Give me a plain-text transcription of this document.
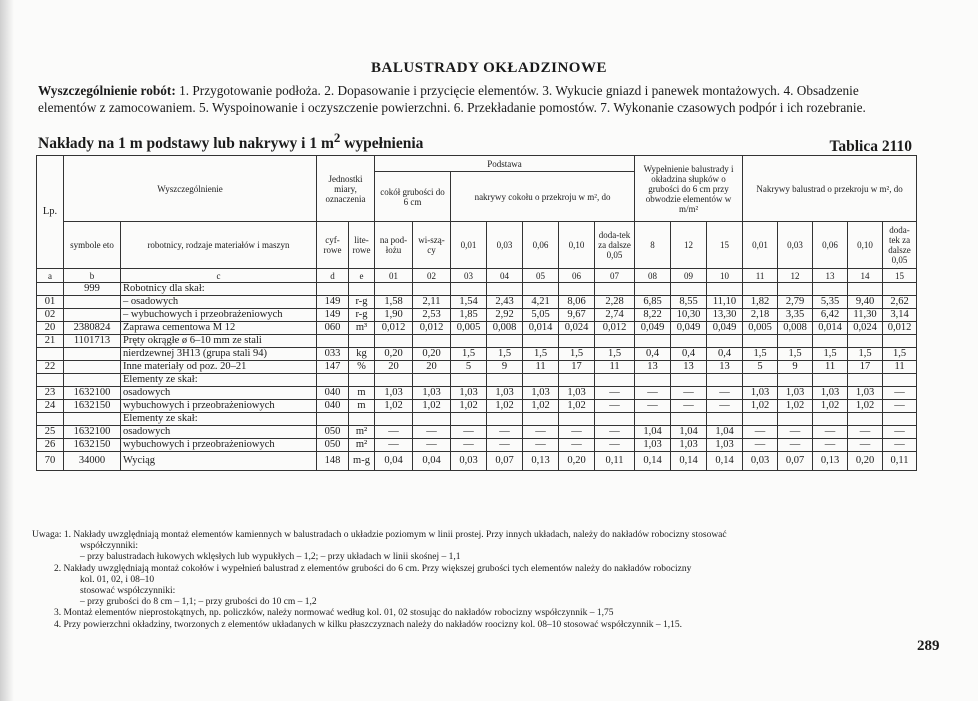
BALUSTRADY OKŁADZINOWE
Wyszczególnienie robót: 1. Przygotowanie podłoża. 2. Dopasowanie i przycięcie elementów. 3. Wykucie gniazd i panewek montażowych. 4. Obsadzenie elementów z zamocowaniem. 5. Wyspoinowanie i oczyszczenie powierzchni. 6. Przekładanie pomostów. 7. Wykonanie czasowych podpór i ich rozebranie.
Nakłady na 1 m podstawy lub nakrywy i 1 $m^2$ wypełnienia	Tablica 2110
Lp.	Wyszczególnienie		Jednostki miary, oznaczenia		Podstawa							Wypełnienie balustrady i okładzina słupków o grubości do 6 cm przy obwodzie elementów w m/m²			Nakrywy balustrad o przekroju w m², do				
					cokół grubości do 6 cm		nakrywy cokołu o przekroju w m², do												
	symbole eto	robotnicy, rodzaje materiałów i maszyn	cyf-rowe	lite-rowe	na pod-łożu	wi-szą-cy	0,01	0,03	0,06	0,10	doda-tek za dalsze 0,05	8	12	15	0,01	0,03	0,06	0,10	doda-tek za dalsze 0,05
a	b	c	d	e	01	02	03	04	05	06	07	08	09	10	11	12	13	14	15
	999	Robotnicy dla skał:																	
01		– osadowych	149	r-g	1,58	2,11	1,54	2,43	4,21	8,06	2,28	6,85	8,55	11,10	1,82	2,79	5,35	9,40	2,62
02		– wybuchowych i przeobrażeniowych	149	r-g	1,90	2,53	1,85	2,92	5,05	9,67	2,74	8,22	10,30	13,30	2,18	3,35	6,42	11,30	3,14
20	2380824	Zaprawa cementowa M 12	060	m³	0,012	0,012	0,005	0,008	0,014	0,024	0,012	0,049	0,049	0,049	0,005	0,008	0,014	0,024	0,012
21	1101713	Pręty okrągłe ø 6–10 mm ze stali																	
		nierdzewnej 3H13 (grupa stali 94)	033	kg	0,20	0,20	1,5	1,5	1,5	1,5	1,5	0,4	0,4	0,4	1,5	1,5	1,5	1,5	1,5
22		Inne materiały od poz. 20–21	147	%	20	20	5	9	11	17	11	13	13	13	5	9	11	17	11
		Elementy ze skał:																	
23	1632100	osadowych	040	m	1,03	1,03	1,03	1,03	1,03	1,03	—	—	—	—	1,03	1,03	1,03	1,03	—
24	1632150	wybuchowych i przeobrażeniowych	040	m	1,02	1,02	1,02	1,02	1,02	1,02	—	—	—	—	1,02	1,02	1,02	1,02	—
		Elementy ze skał:																	
25	1632100	osadowych	050	m²	—	—	—	—	—	—	—	1,04	1,04	1,04	—	—	—	—	—
26	1632150	wybuchowych i przeobrażeniowych	050	m²	—	—	—	—	—	—	—	1,03	1,03	1,03	—	—	—	—	—
70	34000	Wyciąg	148	m-g	0,04	0,04	0,03	0,07	0,13	0,20	0,11	0,14	0,14	0,14	0,03	0,07	0,13	0,20	0,11
Uwaga: 1. Nakłady uwzględniają montaż elementów kamiennych w balustradach o układzie poziomym w linii prostej. Przy innych układach, należy do nakładów robocizny stosować
współczynniki:
– przy balustradach łukowych wklęsłych lub wypukłych – 1,2; – przy układach w linii skośnej – 1,1
2. Nakłady uwzględniają montaż cokołów i wypełnień balustrad z elementów grubości do 6 cm. Przy większej grubości tych elementów należy do nakładów robocizny
kol. 01, 02, i 08–10
stosować współczynniki:
– przy grubości do 8 cm – 1,1; – przy grubości do 10 cm – 1,2
3. Montaż elementów nieprostokątnych, np. policzków, należy normować według kol. 01, 02 stosując do nakładów robocizny współczynnik – 1,75
4. Przy powierzchni okładziny, tworzonych z elementów układanych w kilku płaszczyznach należy do nakładów roocizny kol. 08–10 stosować współczynnik – 1,15.
289
